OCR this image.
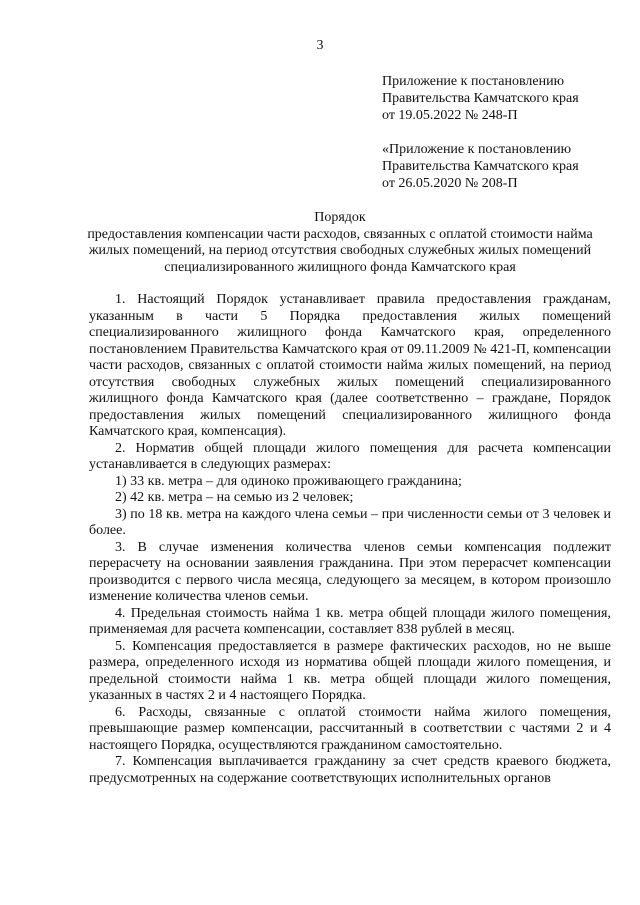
3
Приложение к постановлению
Правительства Камчатского края
от 19.05.2022 № 248-П
«Приложение к постановлению
Правительства Камчатского края
от 26.05.2020 № 208-П
Порядок
предоставления компенсации части расходов, связанных с оплатой стоимости найма
жилых помещений, на период отсутствия свободных служебных жилых помещений
специализированного жилищного фонда Камчатского края

1. Настоящий Порядок устанавливает правила предоставления гражданам, указанным в части 5 Порядка предоставления жилых помещений специализированного жилищного фонда Камчатского края, определенного постановлением Правительства Камчатского края от 09.11.2009 № 421-П, компенсации части расходов, связанных с оплатой стоимости найма жилых помещений, на период отсутствия свободных служебных жилых помещений специализированного жилищного фонда Камчатского края (далее соответственно – граждане, Порядок предоставления жилых помещений специализированного жилищного фонда Камчатского края, компенсация).

2. Норматив общей площади жилого помещения для расчета компенсации устанавливается в следующих размерах:

1) 33 кв. метра – для одиноко проживающего гражданина;

2) 42 кв. метра – на семью из 2 человек;

3) по 18 кв. метра на каждого члена семьи – при численности семьи от 3 человек и более.

3. В случае изменения количества членов семьи компенсация подлежит перерасчету на основании заявления гражданина. При этом перерасчет компенсации производится с первого числа месяца, следующего за месяцем, в котором произошло изменение количества членов семьи.

4. Предельная стоимость найма 1 кв. метра общей площади жилого помещения, применяемая для расчета компенсации, составляет 838 рублей в месяц.

5. Компенсация предоставляется в размере фактических расходов, но не выше размера, определенного исходя из норматива общей площади жилого помещения, и предельной стоимости найма 1 кв. метра общей площади жилого помещения, указанных в частях 2 и 4 настоящего Порядка.

6. Расходы, связанные с оплатой стоимости найма жилого помещения, превышающие размер компенсации, рассчитанный в соответствии с частями 2 и 4 настоящего Порядка, осуществляются гражданином самостоятельно.

7. Компенсация выплачивается гражданину за счет средств краевого бюджета, предусмотренных на содержание соответствующих исполнительных органов
